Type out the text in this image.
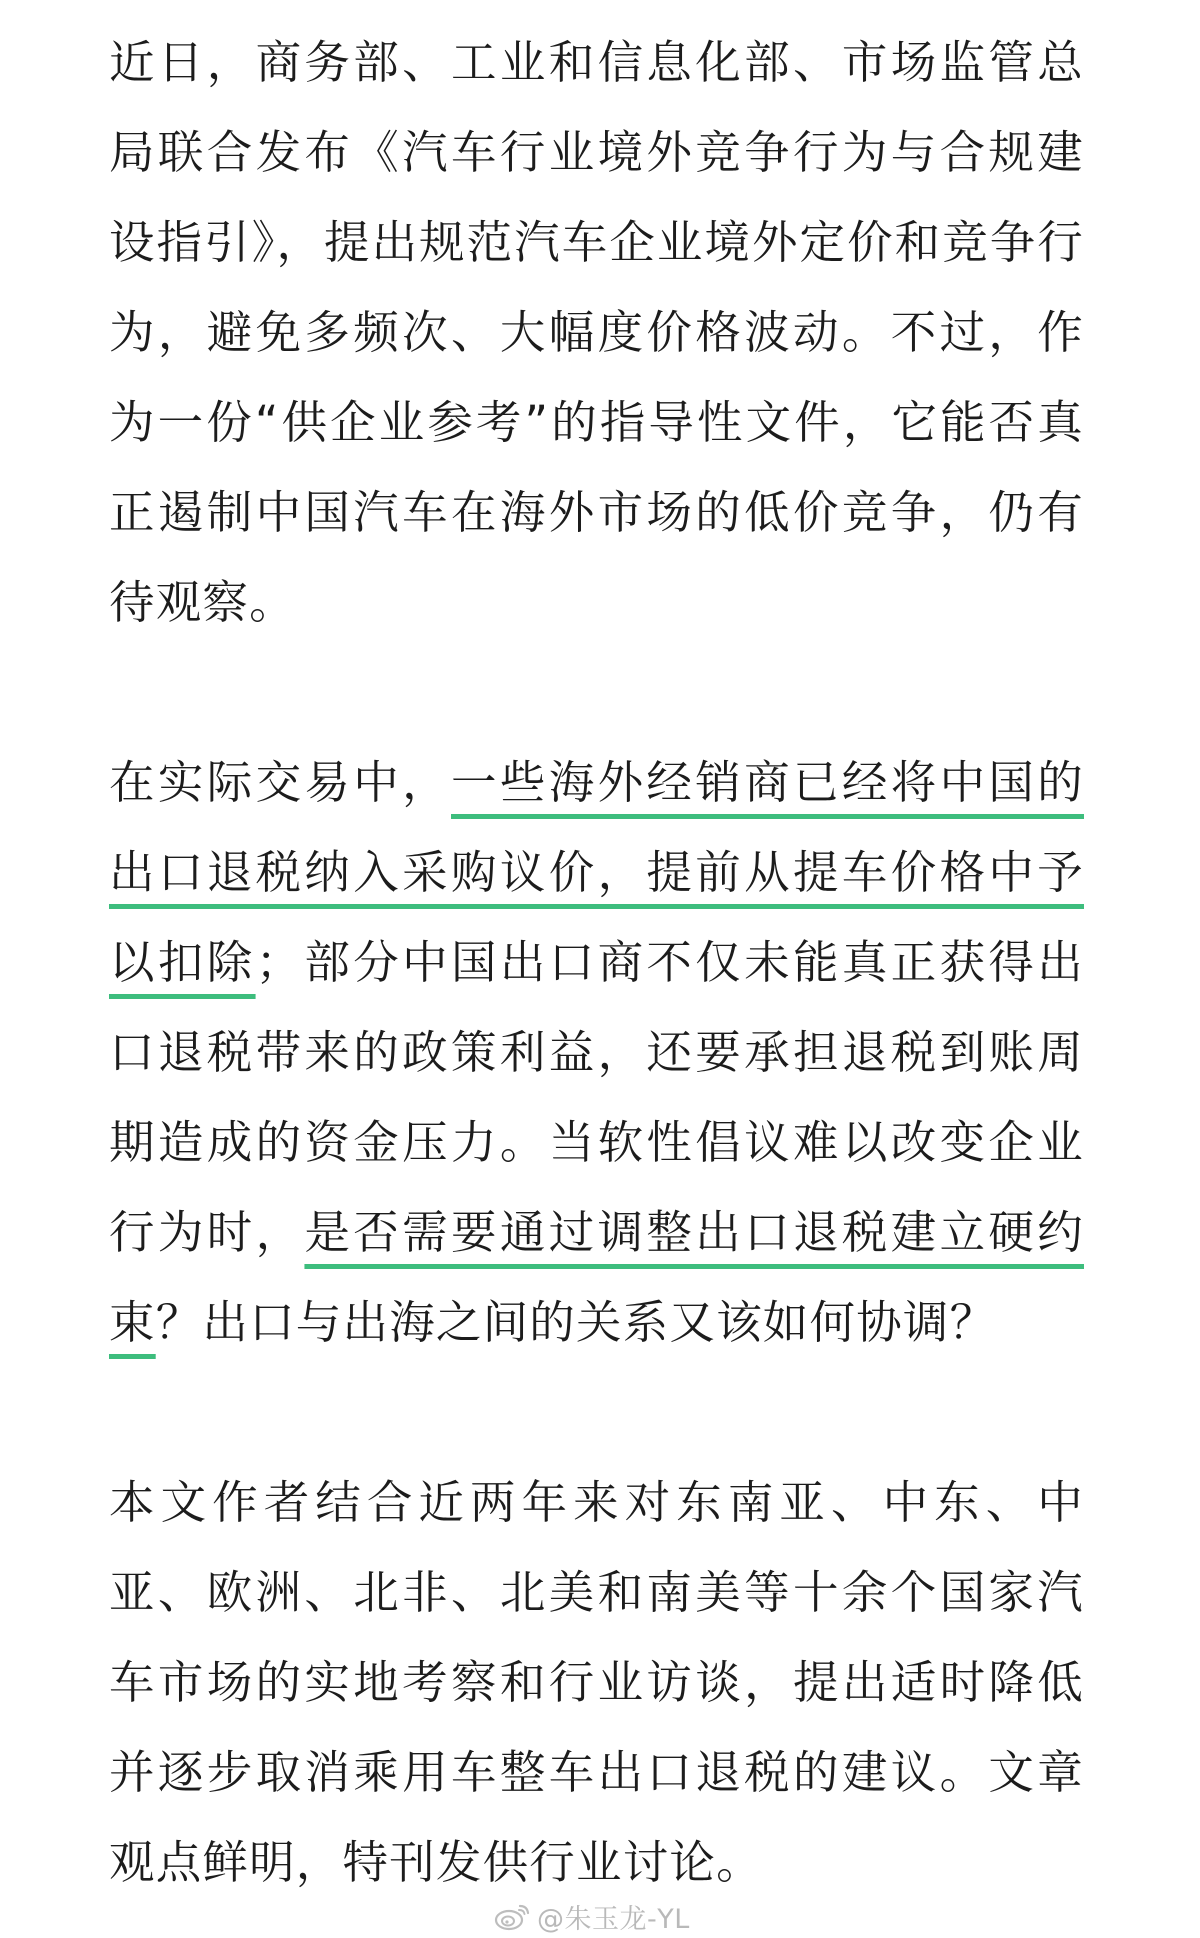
近日，商务部、工业和信息化部、市场监管总局联合发布《汽车行业境外竞争行为与合规建设指引》，提出规范汽车企业境外定价和竞争行为，避免多频次、大幅度价格波动。不过，作为一份“供企业参考”的指导性文件，它能否真正遏制中国汽车在海外市场的低价竞争，仍有待观察。

在实际交易中，一些海外经销商已经将中国的出口退税纳入采购议价，提前从提车价格中予以扣除；部分中国出口商不仅未能真正获得出口退税带来的政策利益，还要承担退税到账周期造成的资金压力。当软性倡议难以改变企业行为时，是否需要通过调整出口退税建立硬约束？出口与出海之间的关系又该如何协调？

本文作者结合近两年来对东南亚、中东、中亚、欧洲、北非、北美和南美等十余个国家汽车市场的实地考察和行业访谈，提出适时降低并逐步取消乘用车整车出口退税的建议。文章观点鲜明，特刊发供行业讨论。

@朱玉龙-YL
